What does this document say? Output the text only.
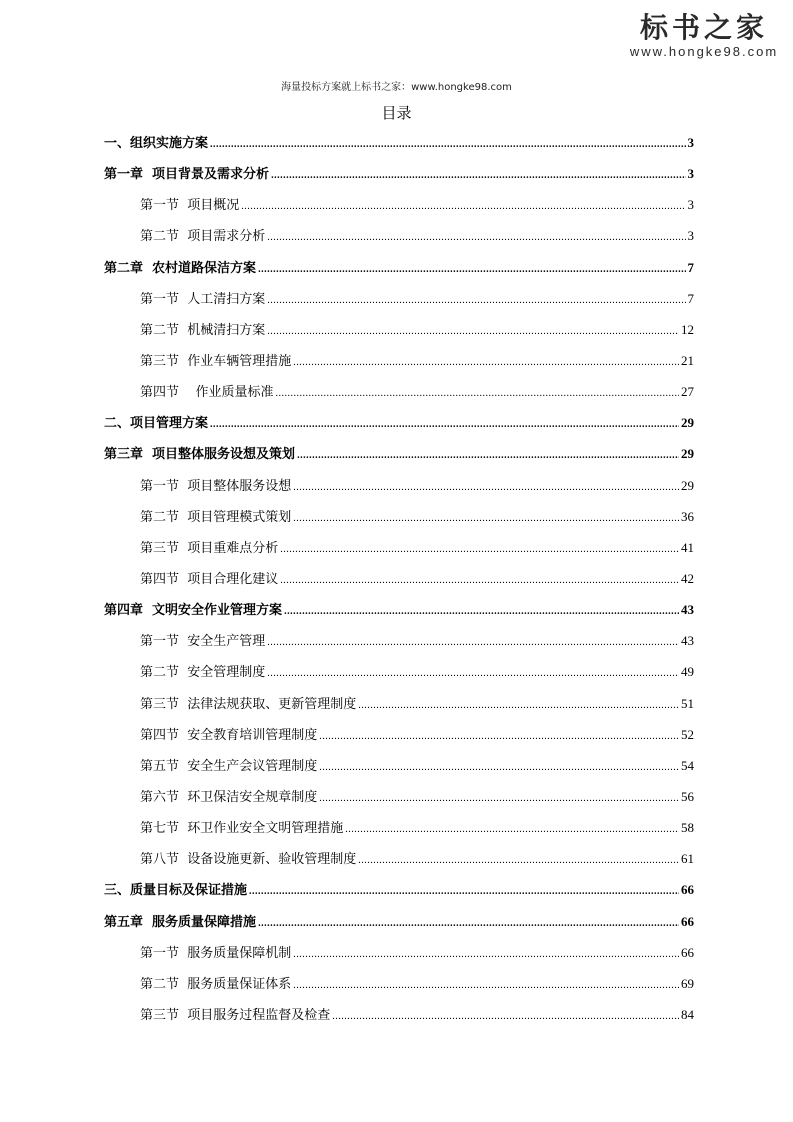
标书之家
www.hongke98.com
海量投标方案就上标书之家：www.hongke98.com
目录
一、组织实施方案 .....	3
第一章  项目背景及需求分析 .....	3
第一节  项目概况 .....	3
第二节  项目需求分析 .....	3
第二章  农村道路保洁方案 .....	7
第一节  人工清扫方案 .....	7
第二节  机械清扫方案 .....	12
第三节  作业车辆管理措施 .....	21
第四节    作业质量标准 .....	27
二、项目管理方案 .....	29
第三章  项目整体服务设想及策划 .....	29
第一节  项目整体服务设想 .....	29
第二节  项目管理模式策划 .....	36
第三节  项目重难点分析 .....	41
第四节  项目合理化建议 .....	42
第四章  文明安全作业管理方案 .....	43
第一节  安全生产管理 .....	43
第二节  安全管理制度 .....	49
第三节  法律法规获取、更新管理制度 .....	51
第四节  安全教育培训管理制度 .....	52
第五节  安全生产会议管理制度 .....	54
第六节  环卫保洁安全规章制度 .....	56
第七节  环卫作业安全文明管理措施 .....	58
第八节  设备设施更新、验收管理制度 .....	61
三、质量目标及保证措施 .....	66
第五章  服务质量保障措施 .....	66
第一节  服务质量保障机制 .....	66
第二节  服务质量保证体系 .....	69
第三节  项目服务过程监督及检查 .....	84
